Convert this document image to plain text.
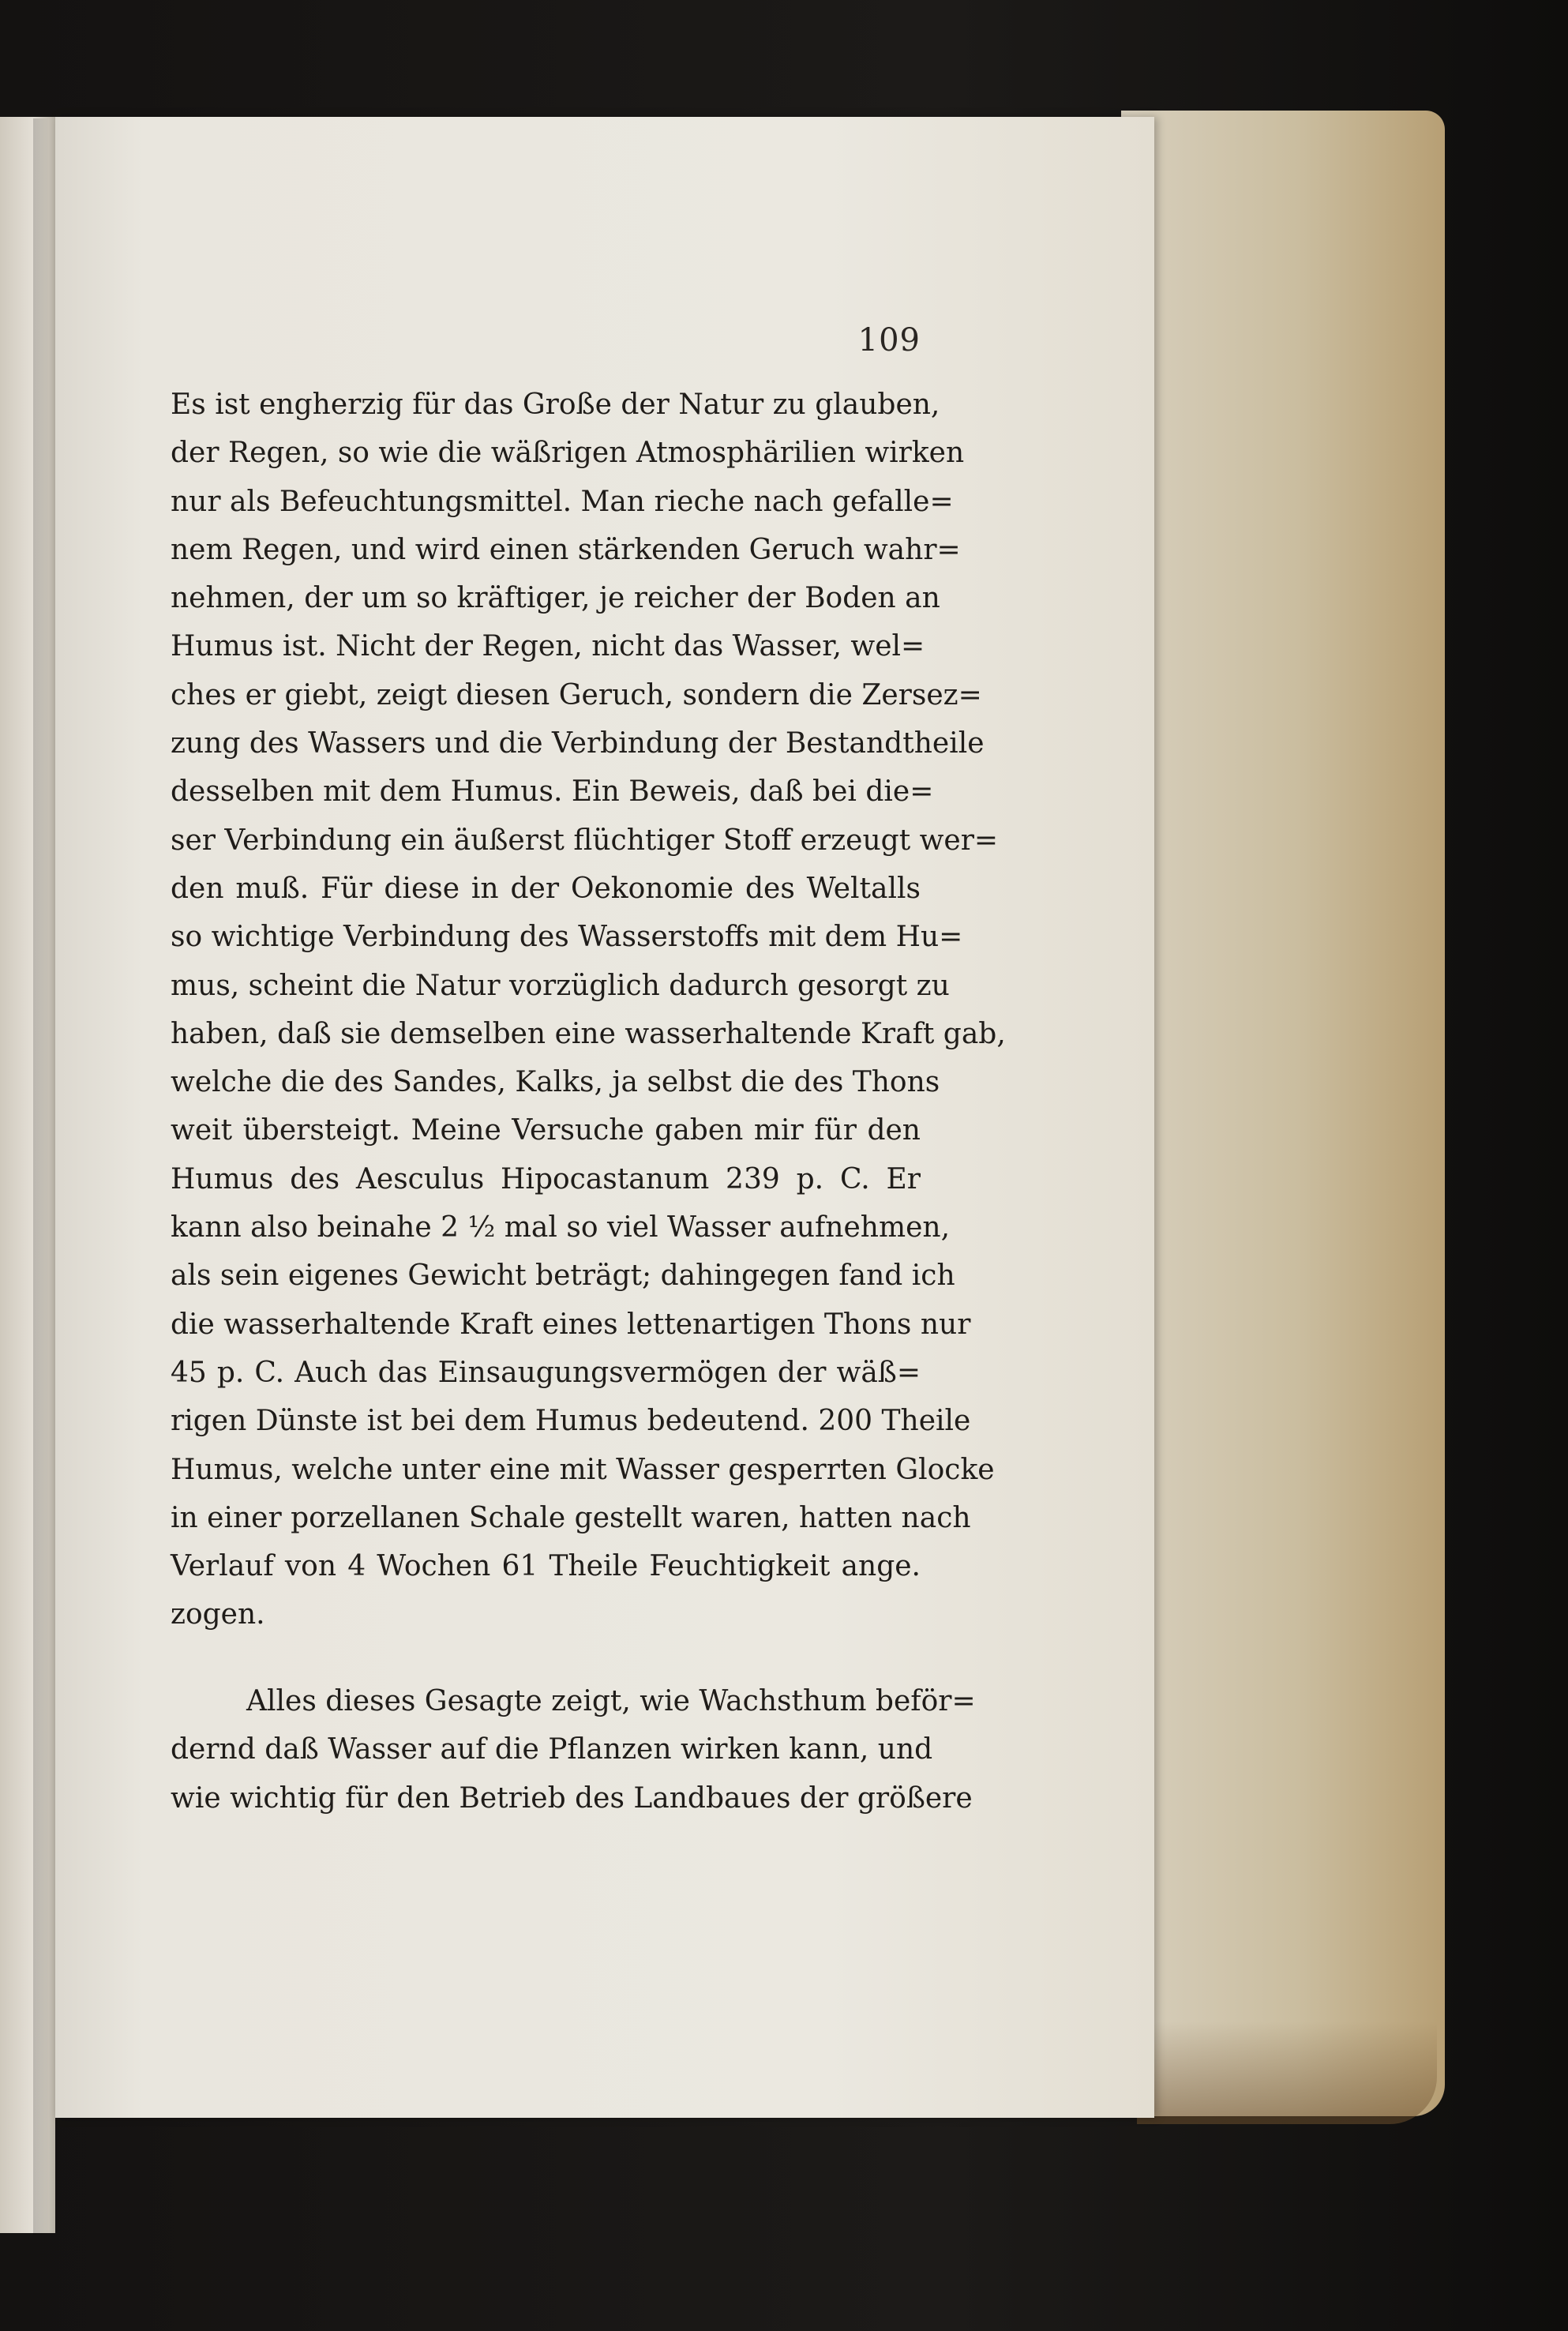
109
Es ist engherzig für das Große der Natur zu glauben,
der Regen, so wie die wäßrigen Atmosphärilien wirken
nur als Befeuchtungsmittel. Man rieche nach gefalle=
nem Regen, und wird einen stärkenden Geruch wahr=
nehmen, der um so kräftiger, je reicher der Boden an
Humus ist. Nicht der Regen, nicht das Wasser, wel=
ches er giebt, zeigt diesen Geruch, sondern die Zersez=
zung des Wassers und die Verbindung der Bestandtheile
desselben mit dem Humus. Ein Beweis, daß bei die=
ser Verbindung ein äußerst flüchtiger Stoff erzeugt wer=
den muß. Für diese in der Oekonomie des Weltalls
so wichtige Verbindung des Wasserstoffs mit dem Hu=
mus, scheint die Natur vorzüglich dadurch gesorgt zu
haben, daß sie demselben eine wasserhaltende Kraft gab,
welche die des Sandes, Kalks, ja selbst die des Thons
weit übersteigt. Meine Versuche gaben mir für den
Humus des Aesculus Hipocastanum 239 p. C. Er
kann also beinahe 2 ½ mal so viel Wasser aufnehmen,
als sein eigenes Gewicht beträgt; dahingegen fand ich
die wasserhaltende Kraft eines lettenartigen Thons nur
45 p. C. Auch das Einsaugungsvermögen der wäß=
rigen Dünste ist bei dem Humus bedeutend. 200 Theile
Humus, welche unter eine mit Wasser gesperrten Glocke
in einer porzellanen Schale gestellt waren, hatten nach
Verlauf von 4 Wochen 61 Theile Feuchtigkeit ange.
zogen.
Alles dieses Gesagte zeigt, wie Wachsthum beför=
dernd daß Wasser auf die Pflanzen wirken kann, und
wie wichtig für den Betrieb des Landbaues der größere
